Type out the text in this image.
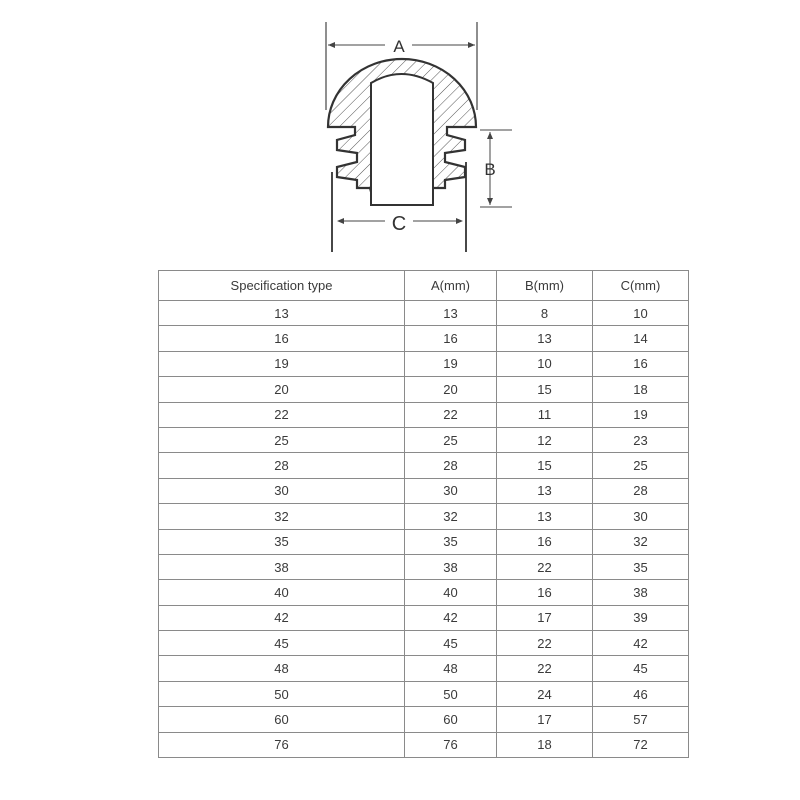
A
B
C
Specification type	A(mm)	B(mm)	C(mm)
13	13	8	10
16	16	13	14
19	19	10	16
20	20	15	18
22	22	11	19
25	25	12	23
28	28	15	25
30	30	13	28
32	32	13	30
35	35	16	32
38	38	22	35
40	40	16	38
42	42	17	39
45	45	22	42
48	48	22	45
50	50	24	46
60	60	17	57
76	76	18	72
